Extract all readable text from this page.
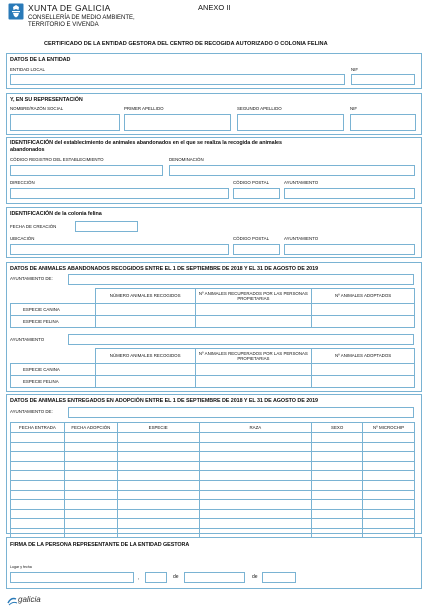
XUNTA DE GALICIA
CONSELLERÍA DE MEDIO AMBIENTE,
TERRITORIO E VIVENDA
ANEXO II
CERTIFICADO DE LA ENTIDAD GESTORA DEL CENTRO DE RECOGIDA AUTORIZADO O COLONIA FELINA
DATOS DE LA ENTIDAD
ENTIDAD LOCAL	NIF
Y, EN SU REPRESENTACIÓN
NOMBRE/RAZÓN SOCIAL	PRIMER APELLIDO	SEGUNDO APELLIDO	NIF
IDENTIFICACIÓN del establecimiento de animales abandonados en el que se realiza la recogida de animales
abandonados
CÓDIGO REGISTRO DEL ESTABLECIMIENTO	DENOMINACIÓN
DIRECCIÓN	CÓDIGO POSTAL	AYUNTAMIENTO
IDENTIFICACIÓN de la colonia felina
FECHA DE CREACIÓN
UBICACIÓN	CÓDIGO POSTAL	AYUNTAMIENTO
DATOS DE ANIMALES ABANDONADOS RECOGIDOS ENTRE EL 1 DE SEPTIEMBRE DE 2018 Y EL 31 DE AGOSTO DE 2019
AYUNTAMIENTO DE:
	NÚMERO ANIMALES RECOGIDOS	Nº ANIMALES RECUPERADOS POR LAS PERSONAS PROPIETARIAS	Nº ANIMALES ADOPTADOS
ESPECIE CANINA			
ESPECIE FELINA			
AYUNTAMIENTO
	NÚMERO ANIMALES RECOGIDOS	Nº ANIMALES RECUPERADOS POR LAS PERSONAS PROPIETARIAS	Nº ANIMALES ADOPTADOS
ESPECIE CANINA			
ESPECIE FELINA			
DATOS DE ANIMALES ENTREGADOS EN ADOPCIÓN ENTRE EL 1 DE SEPTIEMBRE DE 2018 Y EL 31 DE AGOSTO DE 2019
AYUNTAMIENTO DE:
FECHA ENTRADA	FECHA ADOPCIÓN	ESPECIE	RAZA	SEXO	Nº MICROCHIP

FIRMA DE LA PERSONA REPRESENTANTE DE LA ENTIDAD GESTORA
Lugar y fecha
,	de	de
galicia
